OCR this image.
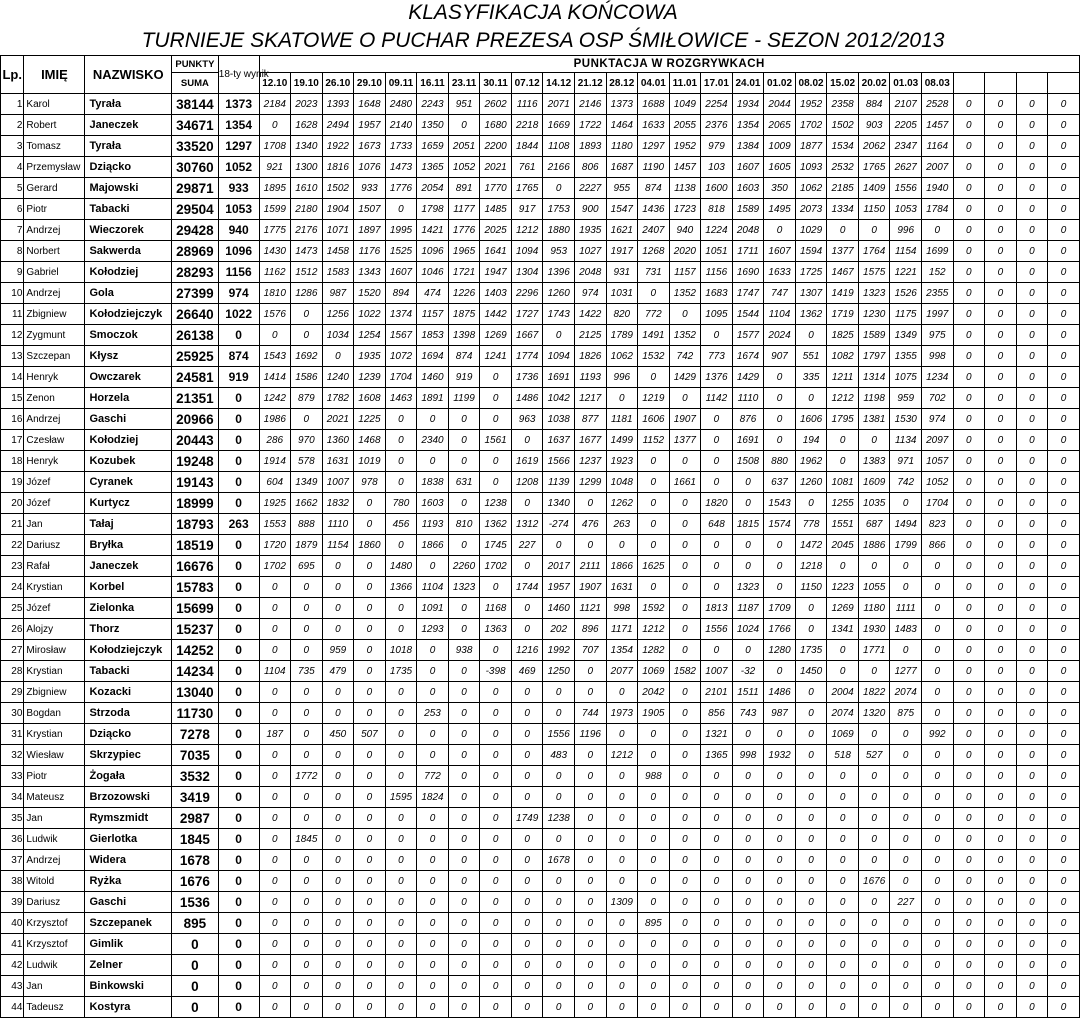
KLASYFIKACJA KOŃCOWA
TURNIEJE SKATOWE O PUCHAR PREZESA OSP ŚMIŁOWICE - SEZON 2012/2013
Lp.	IMIĘ	NAZWISKO	PUNKTY	18-ty wynik	PUNKTACJA W ROZGRYWKACH																									
			SUMA		12.10	19.10	26.10	29.10	09.11	16.11	23.11	30.11	07.12	14.12	21.12	28.12	04.01	11.01	17.01	24.01	01.02	08.02	15.02	20.02	01.03	08.03				
1	Karol	Tyrała	38144	1373	2184	2023	1393	1648	2480	2243	951	2602	1116	2071	2146	1373	1688	1049	2254	1934	2044	1952	2358	884	2107	2528	0	0	0	0
2	Robert	Janeczek	34671	1354	0	1628	2494	1957	2140	1350	0	1680	2218	1669	1722	1464	1633	2055	2376	1354	2065	1702	1502	903	2205	1457	0	0	0	0
3	Tomasz	Tyrała	33520	1297	1708	1340	1922	1673	1733	1659	2051	2200	1844	1108	1893	1180	1297	1952	979	1384	1009	1877	1534	2062	2347	1164	0	0	0	0
4	Przemysław	Dziącko	30760	1052	921	1300	1816	1076	1473	1365	1052	2021	761	2166	806	1687	1190	1457	103	1607	1605	1093	2532	1765	2627	2007	0	0	0	0
5	Gerard	Majowski	29871	933	1895	1610	1502	933	1776	2054	891	1770	1765	0	2227	955	874	1138	1600	1603	350	1062	2185	1409	1556	1940	0	0	0	0
6	Piotr	Tabacki	29504	1053	1599	2180	1904	1507	0	1798	1177	1485	917	1753	900	1547	1436	1723	818	1589	1495	2073	1334	1150	1053	1784	0	0	0	0
7	Andrzej	Wieczorek	29428	940	1775	2176	1071	1897	1995	1421	1776	2025	1212	1880	1935	1621	2407	940	1224	2048	0	1029	0	0	996	0	0	0	0	0
8	Norbert	Sakwerda	28969	1096	1430	1473	1458	1176	1525	1096	1965	1641	1094	953	1027	1917	1268	2020	1051	1711	1607	1594	1377	1764	1154	1699	0	0	0	0
9	Gabriel	Kołodziej	28293	1156	1162	1512	1583	1343	1607	1046	1721	1947	1304	1396	2048	931	731	1157	1156	1690	1633	1725	1467	1575	1221	152	0	0	0	0
10	Andrzej	Gola	27399	974	1810	1286	987	1520	894	474	1226	1403	2296	1260	974	1031	0	1352	1683	1747	747	1307	1419	1323	1526	2355	0	0	0	0
11	Zbigniew	Kołodziejczyk	26640	1022	1576	0	1256	1022	1374	1157	1875	1442	1727	1743	1422	820	772	0	1095	1544	1104	1362	1719	1230	1175	1997	0	0	0	0
12	Zygmunt	Smoczok	26138	0	0	0	1034	1254	1567	1853	1398	1269	1667	0	2125	1789	1491	1352	0	1577	2024	0	1825	1589	1349	975	0	0	0	0
13	Szczepan	Kłysz	25925	874	1543	1692	0	1935	1072	1694	874	1241	1774	1094	1826	1062	1532	742	773	1674	907	551	1082	1797	1355	998	0	0	0	0
14	Henryk	Owczarek	24581	919	1414	1586	1240	1239	1704	1460	919	0	1736	1691	1193	996	0	1429	1376	1429	0	335	1211	1314	1075	1234	0	0	0	0
15	Zenon	Horzela	21351	0	1242	879	1782	1608	1463	1891	1199	0	1486	1042	1217	0	1219	0	1142	1110	0	0	1212	1198	959	702	0	0	0	0
16	Andrzej	Gaschi	20966	0	1986	0	2021	1225	0	0	0	0	963	1038	877	1181	1606	1907	0	876	0	1606	1795	1381	1530	974	0	0	0	0
17	Czesław	Kołodziej	20443	0	286	970	1360	1468	0	2340	0	1561	0	1637	1677	1499	1152	1377	0	1691	0	194	0	0	1134	2097	0	0	0	0
18	Henryk	Kozubek	19248	0	1914	578	1631	1019	0	0	0	0	1619	1566	1237	1923	0	0	0	1508	880	1962	0	1383	971	1057	0	0	0	0
19	Józef	Cyranek	19143	0	604	1349	1007	978	0	1838	631	0	1208	1139	1299	1048	0	1661	0	0	637	1260	1081	1609	742	1052	0	0	0	0
20	Józef	Kurtycz	18999	0	1925	1662	1832	0	780	1603	0	1238	0	1340	0	1262	0	0	1820	0	1543	0	1255	1035	0	1704	0	0	0	0
21	Jan	Tałaj	18793	263	1553	888	1110	0	456	1193	810	1362	1312	-274	476	263	0	0	648	1815	1574	778	1551	687	1494	823	0	0	0	0
22	Dariusz	Bryłka	18519	0	1720	1879	1154	1860	0	1866	0	1745	227	0	0	0	0	0	0	0	0	1472	2045	1886	1799	866	0	0	0	0
23	Rafał	Janeczek	16676	0	1702	695	0	0	1480	0	2260	1702	0	2017	2111	1866	1625	0	0	0	0	1218	0	0	0	0	0	0	0	0
24	Krystian	Korbel	15783	0	0	0	0	0	1366	1104	1323	0	1744	1957	1907	1631	0	0	0	1323	0	1150	1223	1055	0	0	0	0	0	0
25	Józef	Zielonka	15699	0	0	0	0	0	0	1091	0	1168	0	1460	1121	998	1592	0	1813	1187	1709	0	1269	1180	1111	0	0	0	0	0
26	Alojzy	Thorz	15237	0	0	0	0	0	0	1293	0	1363	0	202	896	1171	1212	0	1556	1024	1766	0	1341	1930	1483	0	0	0	0	0
27	Mirosław	Kołodziejczyk	14252	0	0	0	959	0	1018	0	938	0	1216	1992	707	1354	1282	0	0	0	1280	1735	0	1771	0	0	0	0	0	0
28	Krystian	Tabacki	14234	0	1104	735	479	0	1735	0	0	-398	469	1250	0	2077	1069	1582	1007	-32	0	1450	0	0	1277	0	0	0	0	0
29	Zbigniew	Kozacki	13040	0	0	0	0	0	0	0	0	0	0	0	0	0	2042	0	2101	1511	1486	0	2004	1822	2074	0	0	0	0	0
30	Bogdan	Strzoda	11730	0	0	0	0	0	0	253	0	0	0	0	744	1973	1905	0	856	743	987	0	2074	1320	875	0	0	0	0	0
31	Krystian	Dziącko	7278	0	187	0	450	507	0	0	0	0	0	1556	1196	0	0	0	1321	0	0	0	1069	0	0	992	0	0	0	0
32	Wiesław	Skrzypiec	7035	0	0	0	0	0	0	0	0	0	0	483	0	1212	0	0	1365	998	1932	0	518	527	0	0	0	0	0	0
33	Piotr	Żogała	3532	0	0	1772	0	0	0	772	0	0	0	0	0	0	988	0	0	0	0	0	0	0	0	0	0	0	0	0
34	Mateusz	Brzozowski	3419	0	0	0	0	0	1595	1824	0	0	0	0	0	0	0	0	0	0	0	0	0	0	0	0	0	0	0	0
35	Jan	Rymszmidt	2987	0	0	0	0	0	0	0	0	0	1749	1238	0	0	0	0	0	0	0	0	0	0	0	0	0	0	0	0
36	Ludwik	Gierlotka	1845	0	0	1845	0	0	0	0	0	0	0	0	0	0	0	0	0	0	0	0	0	0	0	0	0	0	0	0
37	Andrzej	Widera	1678	0	0	0	0	0	0	0	0	0	0	1678	0	0	0	0	0	0	0	0	0	0	0	0	0	0	0	0
38	Witold	Ryżka	1676	0	0	0	0	0	0	0	0	0	0	0	0	0	0	0	0	0	0	0	0	1676	0	0	0	0	0	0
39	Dariusz	Gaschi	1536	0	0	0	0	0	0	0	0	0	0	0	0	1309	0	0	0	0	0	0	0	0	227	0	0	0	0	0
40	Krzysztof	Szczepanek	895	0	0	0	0	0	0	0	0	0	0	0	0	0	895	0	0	0	0	0	0	0	0	0	0	0	0	0
41	Krzysztof	Gimlik	0	0	0	0	0	0	0	0	0	0	0	0	0	0	0	0	0	0	0	0	0	0	0	0	0	0	0	0
42	Ludwik	Zelner	0	0	0	0	0	0	0	0	0	0	0	0	0	0	0	0	0	0	0	0	0	0	0	0	0	0	0	0
43	Jan	Binkowski	0	0	0	0	0	0	0	0	0	0	0	0	0	0	0	0	0	0	0	0	0	0	0	0	0	0	0	0
44	Tadeusz	Kostyra	0	0	0	0	0	0	0	0	0	0	0	0	0	0	0	0	0	0	0	0	0	0	0	0	0	0	0	0
